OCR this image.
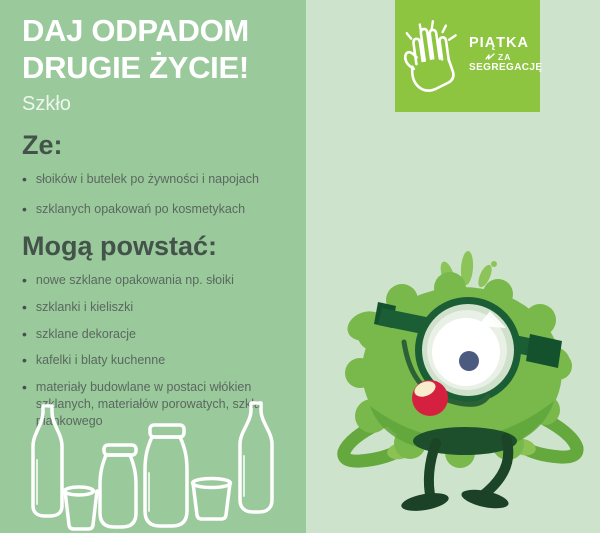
DAJ ODPADOM
DRUGIE ŻYCIE!

Szkło

PIĄTKA
ZA
SEGREGACJĘ
Ze:
• słoików i butelek po żywności i napojach
• szklanych opakowań po kosmetykach
Mogą powstać:
• nowe szklane opakowania np. słoiki
• szklanki i kieliszki
• szklane dekoracje
• kafelki i blaty kuchenne
• materiały budowlane w postaci włókien szklanych, materiałów porowatych, szkła piankowego
